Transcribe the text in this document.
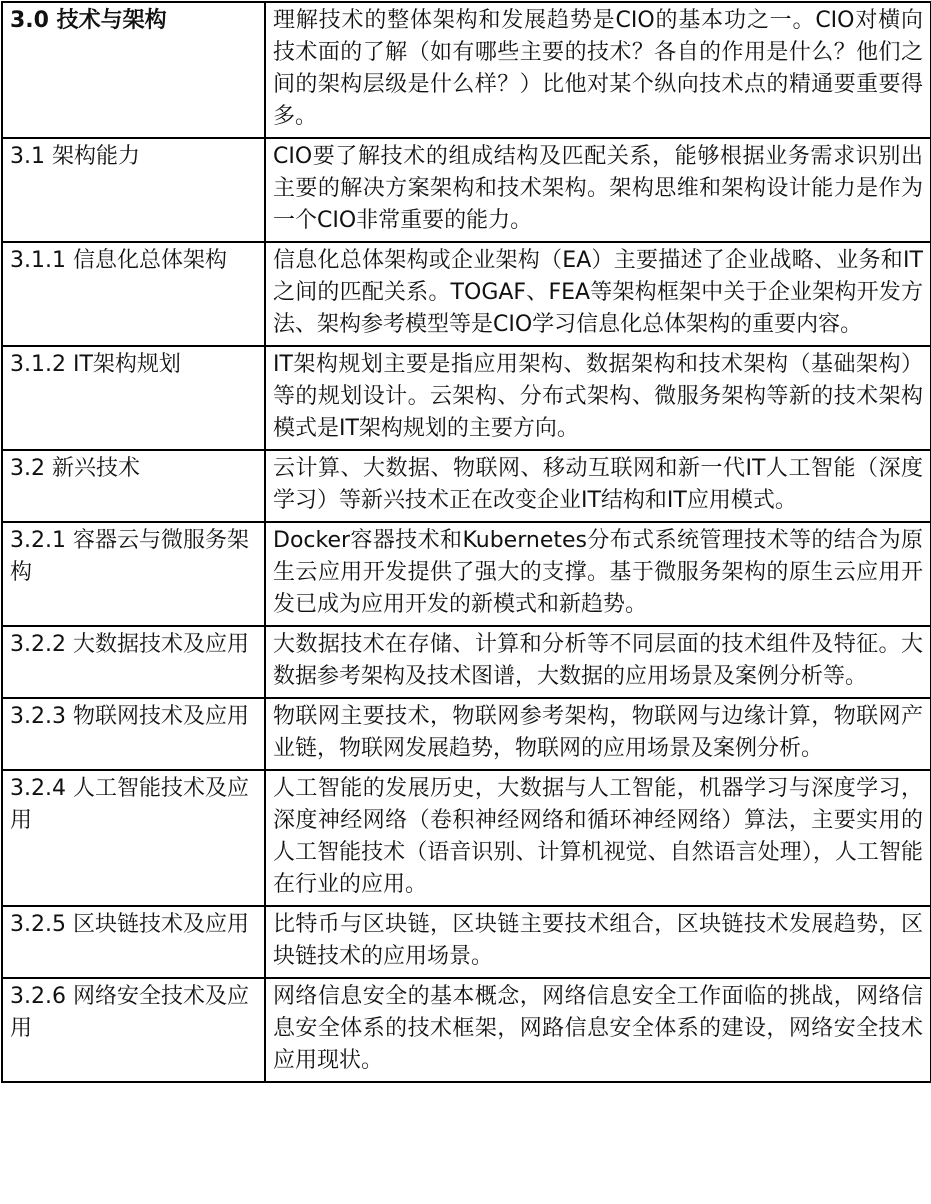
3.0 技术与架构	理解技术的整体架构和发展趋势是CIO的基本功之一。CIO对横向技术面的了解（如有哪些主要的技术？各自的作用是什么？他们之间的架构层级是什么样？）比他对某个纵向技术点的精通要重要得多。
3.1 架构能力	CIO要了解技术的组成结构及匹配关系，能够根据业务需求识别出主要的解决方案架构和技术架构。架构思维和架构设计能力是作为一个CIO非常重要的能力。
3.1.1 信息化总体架构	信息化总体架构或企业架构（EA）主要描述了企业战略、业务和IT之间的匹配关系。TOGAF、FEA等架构框架中关于企业架构开发方法、架构参考模型等是CIO学习信息化总体架构的重要内容。
3.1.2 IT架构规划	IT架构规划主要是指应用架构、数据架构和技术架构（基础架构）等的规划设计。云架构、分布式架构、微服务架构等新的技术架构模式是IT架构规划的主要方向。
3.2 新兴技术	云计算、大数据、物联网、移动互联网和新一代IT人工智能（深度学习）等新兴技术正在改变企业IT结构和IT应用模式。
3.2.1 容器云与微服务架构	Docker容器技术和Kubernetes分布式系统管理技术等的结合为原生云应用开发提供了强大的支撑。基于微服务架构的原生云应用开发已成为应用开发的新模式和新趋势。
3.2.2 大数据技术及应用	大数据技术在存储、计算和分析等不同层面的技术组件及特征。大数据参考架构及技术图谱，大数据的应用场景及案例分析等。
3.2.3 物联网技术及应用	物联网主要技术，物联网参考架构，物联网与边缘计算，物联网产业链，物联网发展趋势，物联网的应用场景及案例分析。
3.2.4 人工智能技术及应用	人工智能的发展历史，大数据与人工智能，机器学习与深度学习，深度神经网络（卷积神经网络和循环神经网络）算法，主要实用的人工智能技术（语音识别、计算机视觉、自然语言处理），人工智能在行业的应用。
3.2.5 区块链技术及应用	比特币与区块链，区块链主要技术组合，区块链技术发展趋势，区块链技术的应用场景。
3.2.6 网络安全技术及应用	网络信息安全的基本概念，网络信息安全工作面临的挑战，网络信息安全体系的技术框架，网路信息安全体系的建设，网络安全技术应用现状。
